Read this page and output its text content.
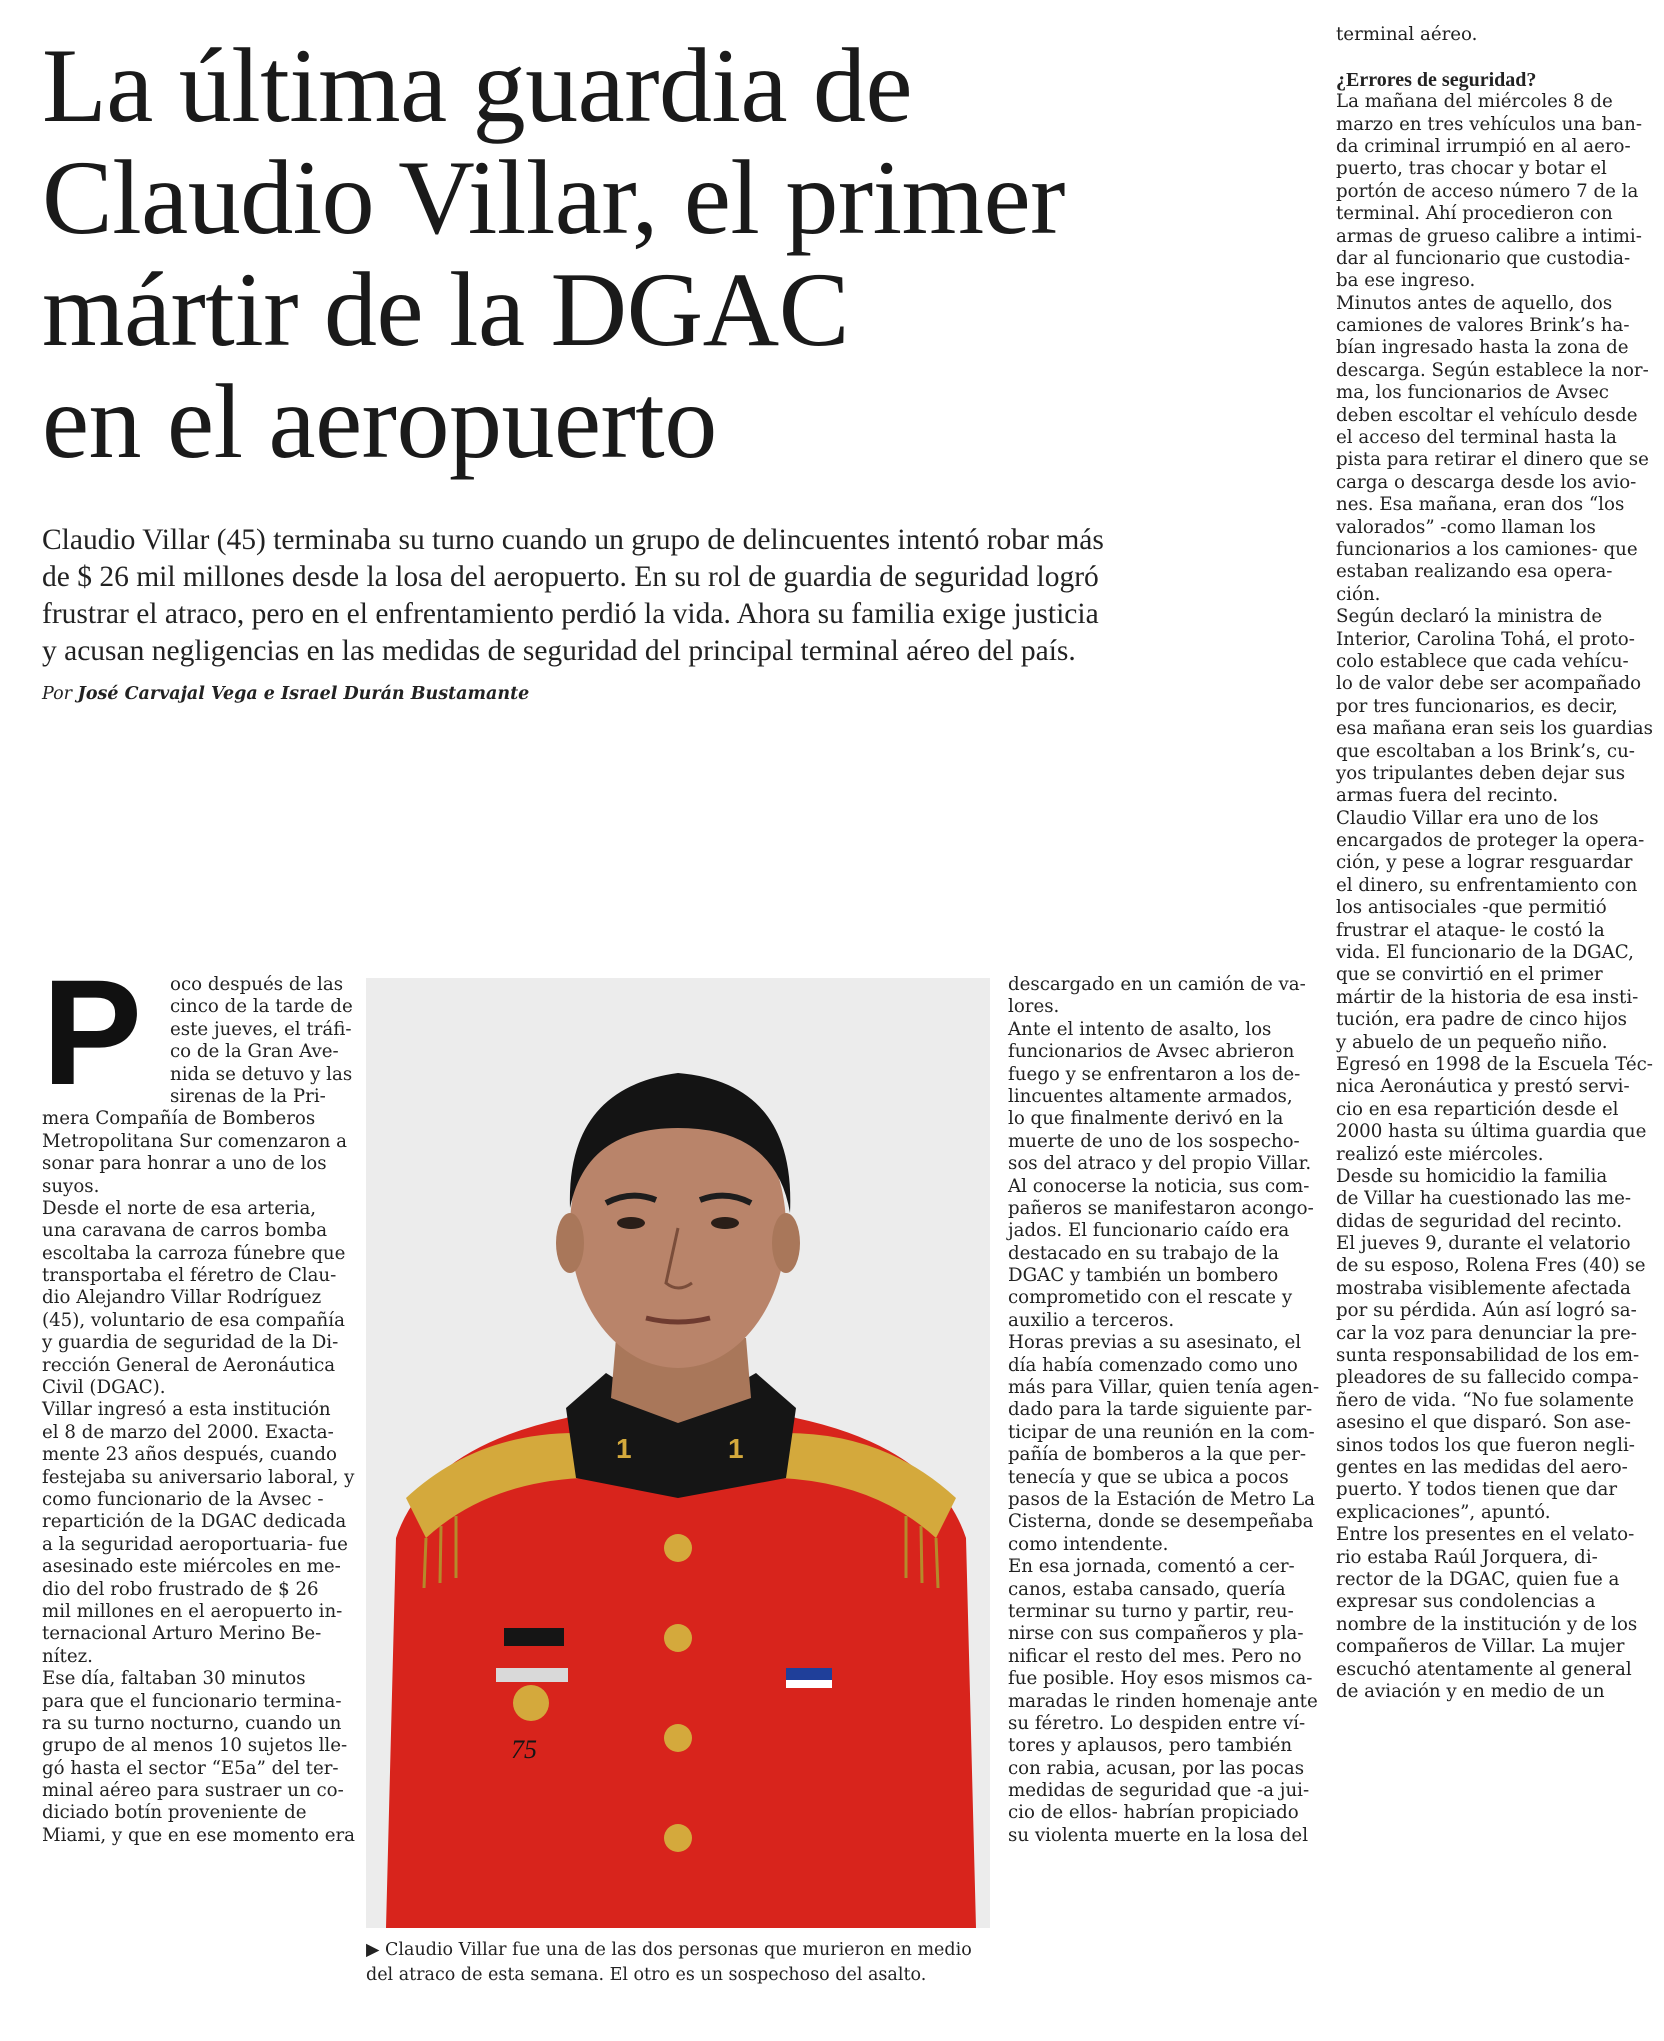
La última guardia de
Claudio Villar, el primer
mártir de la DGAC
en el aeropuerto
Claudio Villar (45) terminaba su turno cuando un grupo de delincuentes intentó robar más
de $ 26 mil millones desde la losa del aeropuerto. En su rol de guardia de seguridad logró
frustrar el atraco, pero en el enfrentamiento perdió la vida. Ahora su familia exige justicia
y acusan negligencias en las medidas de seguridad del principal terminal aéreo del país.
Por José Carvajal Vega e Israel Durán Bustamante
P	oco después de las
cinco de la tarde de
este jueves, el tráfi-
co de la Gran Ave-
nida se detuvo y las
sirenas de la Pri-
mera Compañía de Bomberos
Metropolitana Sur comenzaron a
sonar para honrar a uno de los
suyos.
Desde el norte de esa arteria,
una caravana de carros bomba
escoltaba la carroza fúnebre que
transportaba el féretro de Clau-
dio Alejandro Villar Rodríguez
(45), voluntario de esa compañía
y guardia de seguridad de la Di-
rección General de Aeronáutica
Civil (DGAC).
Villar ingresó a esta institución
el 8 de marzo del 2000. Exacta-
mente 23 años después, cuando
festejaba su aniversario laboral, y
como funcionario de la Avsec -
repartición de la DGAC dedicada
a la seguridad aeroportuaria- fue
asesinado este miércoles en me-
dio del robo frustrado de $ 26
mil millones en el aeropuerto in-
ternacional Arturo Merino Be-
nítez.
Ese día, faltaban 30 minutos
para que el funcionario termina-
ra su turno nocturno, cuando un
grupo de al menos 10 sujetos lle-
gó hasta el sector “E5a” del ter-
minal aéreo para sustraer un co-
diciado botín proveniente de
Miami, y que en ese momento era
1	1
75
▶ Claudio Villar fue una de las dos personas que murieron en medio
del atraco de esta semana. El otro es un sospechoso del asalto.
descargado en un camión de va-
lores.
Ante el intento de asalto, los
funcionarios de Avsec abrieron
fuego y se enfrentaron a los de-
lincuentes altamente armados,
lo que finalmente derivó en la
muerte de uno de los sospecho-
sos del atraco y del propio Villar.
Al conocerse la noticia, sus com-
pañeros se manifestaron acongo-
jados. El funcionario caído era
destacado en su trabajo de la
DGAC y también un bombero
comprometido con el rescate y
auxilio a terceros.
Horas previas a su asesinato, el
día había comenzado como uno
más para Villar, quien tenía agen-
dado para la tarde siguiente par-
ticipar de una reunión en la com-
pañía de bomberos a la que per-
tenecía y que se ubica a pocos
pasos de la Estación de Metro La
Cisterna, donde se desempeñaba
como intendente.
En esa jornada, comentó a cer-
canos, estaba cansado, quería
terminar su turno y partir, reu-
nirse con sus compañeros y pla-
nificar el resto del mes. Pero no
fue posible. Hoy esos mismos ca-
maradas le rinden homenaje ante
su féretro. Lo despiden entre ví-
tores y aplausos, pero también
con rabia, acusan, por las pocas
medidas de seguridad que -a jui-
cio de ellos- habrían propiciado
su violenta muerte en la losa del
terminal aéreo.
¿Errores de seguridad?
La mañana del miércoles 8 de
marzo en tres vehículos una ban-
da criminal irrumpió en al aero-
puerto, tras chocar y botar el
portón de acceso número 7 de la
terminal. Ahí procedieron con
armas de grueso calibre a intimi-
dar al funcionario que custodia-
ba ese ingreso.
Minutos antes de aquello, dos
camiones de valores Brink’s ha-
bían ingresado hasta la zona de
descarga. Según establece la nor-
ma, los funcionarios de Avsec
deben escoltar el vehículo desde
el acceso del terminal hasta la
pista para retirar el dinero que se
carga o descarga desde los avio-
nes. Esa mañana, eran dos “los
valorados” -como llaman los
funcionarios a los camiones- que
estaban realizando esa opera-
ción.
Según declaró la ministra de
Interior, Carolina Tohá, el proto-
colo establece que cada vehícu-
lo de valor debe ser acompañado
por tres funcionarios, es decir,
esa mañana eran seis los guardias
que escoltaban a los Brink’s, cu-
yos tripulantes deben dejar sus
armas fuera del recinto.
Claudio Villar era uno de los
encargados de proteger la opera-
ción, y pese a lograr resguardar
el dinero, su enfrentamiento con
los antisociales -que permitió
frustrar el ataque- le costó la
vida. El funcionario de la DGAC,
que se convirtió en el primer
mártir de la historia de esa insti-
tución, era padre de cinco hijos
y abuelo de un pequeño niño.
Egresó en 1998 de la Escuela Téc-
nica Aeronáutica y prestó servi-
cio en esa repartición desde el
2000 hasta su última guardia que
realizó este miércoles.
Desde su homicidio la familia
de Villar ha cuestionado las me-
didas de seguridad del recinto.
El jueves 9, durante el velatorio
de su esposo, Rolena Fres (40) se
mostraba visiblemente afectada
por su pérdida. Aún así logró sa-
car la voz para denunciar la pre-
sunta responsabilidad de los em-
pleadores de su fallecido compa-
ñero de vida. “No fue solamente
asesino el que disparó. Son ase-
sinos todos los que fueron negli-
gentes en las medidas del aero-
puerto. Y todos tienen que dar
explicaciones”, apuntó.
Entre los presentes en el velato-
rio estaba Raúl Jorquera, di-
rector de la DGAC, quien fue a
expresar sus condolencias a
nombre de la institución y de los
compañeros de Villar. La mujer
escuchó atentamente al general
de aviación y en medio de un
